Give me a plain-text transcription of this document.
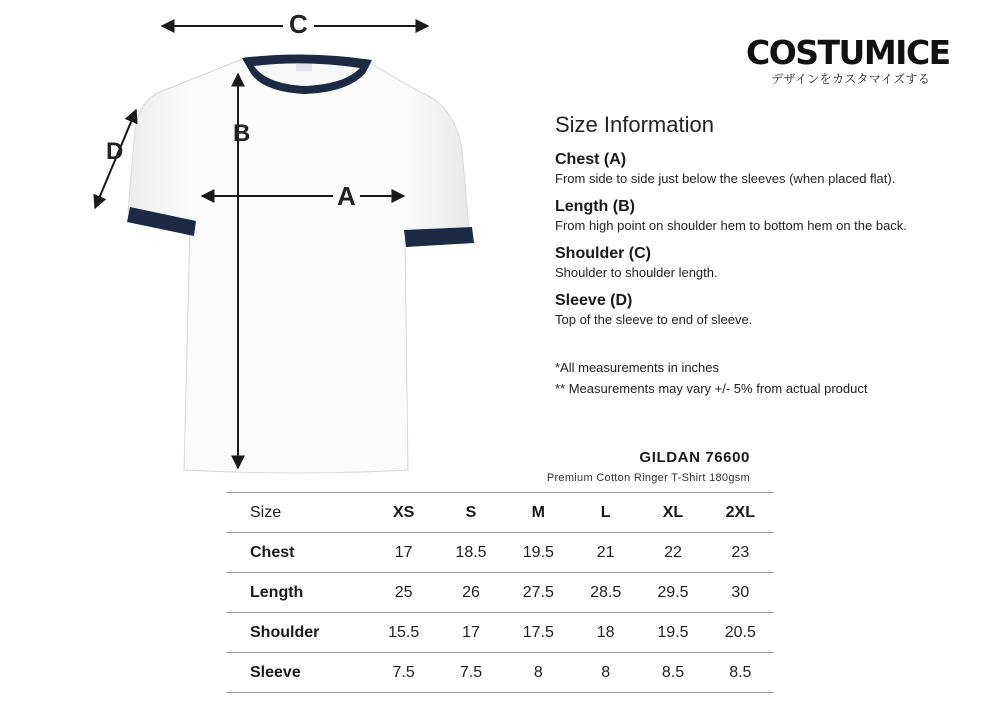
C
B
A
D
COSTUMICE
デザインをカスタマイズする
Size Information
Chest (A)
From side to side just below the sleeves (when placed flat).
Length (B)
From high point on shoulder hem to bottom hem on the back.
Shoulder (C)
Shoulder to shoulder length.
Sleeve (D)
Top of the sleeve to end of sleeve.
*All measurements in inches
** Measurements may vary +/- 5% from actual product
GILDAN 76600
Premium Cotton Ringer T-Shirt 180gsm
Size	XS	S	M	L	XL	2XL
Chest	17	18.5	19.5	21	22	23
Length	25	26	27.5	28.5	29.5	30
Shoulder	15.5	17	17.5	18	19.5	20.5
Sleeve	7.5	7.5	8	8	8.5	8.5
